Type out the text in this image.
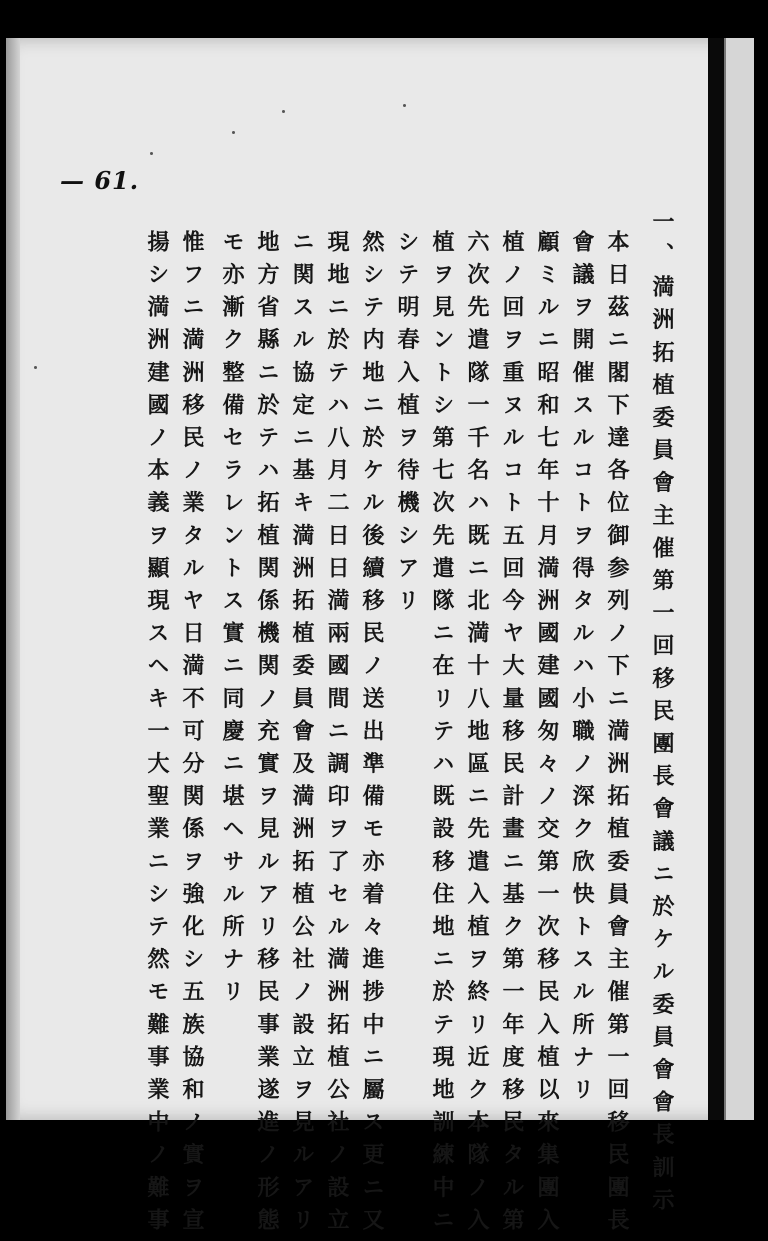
— 61.
一、満洲拓植委員會主催第一回移民團長會議ニ於ケル委員會會長訓示
本日茲ニ閣下達各位御参列ノ下ニ満洲拓植委員會主催第一回移民團長
會議ヲ開催スルコトヲ得タルハ小職ノ深ク欣快トスル所ナリ
顧ミルニ昭和七年十月満洲國建國匆々ノ交第一次移民入植以來集團入
植ノ回ヲ重ヌルコト五回今ヤ大量移民計畫ニ基ク第一年度移民タル第
六次先遣隊一千名ハ既ニ北満十八地區ニ先遣入植ヲ終リ近ク本隊ノ入
植ヲ見ントシ第七次先遣隊ニ在リテハ既設移住地ニ於テ現地訓練中ニ
シテ明春入植ヲ待機シアリ
然シテ内地ニ於ケル後續移民ノ送出準備モ亦着々進捗中ニ屬ス更ニ又
現地ニ於テハ八月二日日満兩國間ニ調印ヲ了セル満洲拓植公社ノ設立
ニ関スル協定ニ基キ満洲拓植委員會及満洲拓植公社ノ設立ヲ見ルアリ
地方省縣ニ於テハ拓植関係機関ノ充實ヲ見ルアリ移民事業遂進ノ形態
モ亦漸ク整備セラレントス實ニ同慶ニ堪ヘサル所ナリ
惟フニ満洲移民ノ業タルヤ日満不可分関係ヲ強化シ五族協和ノ實ヲ宣
揚シ満洲建國ノ本義ヲ顯現スヘキ一大聖業ニシテ然モ難事業中ノ難事
